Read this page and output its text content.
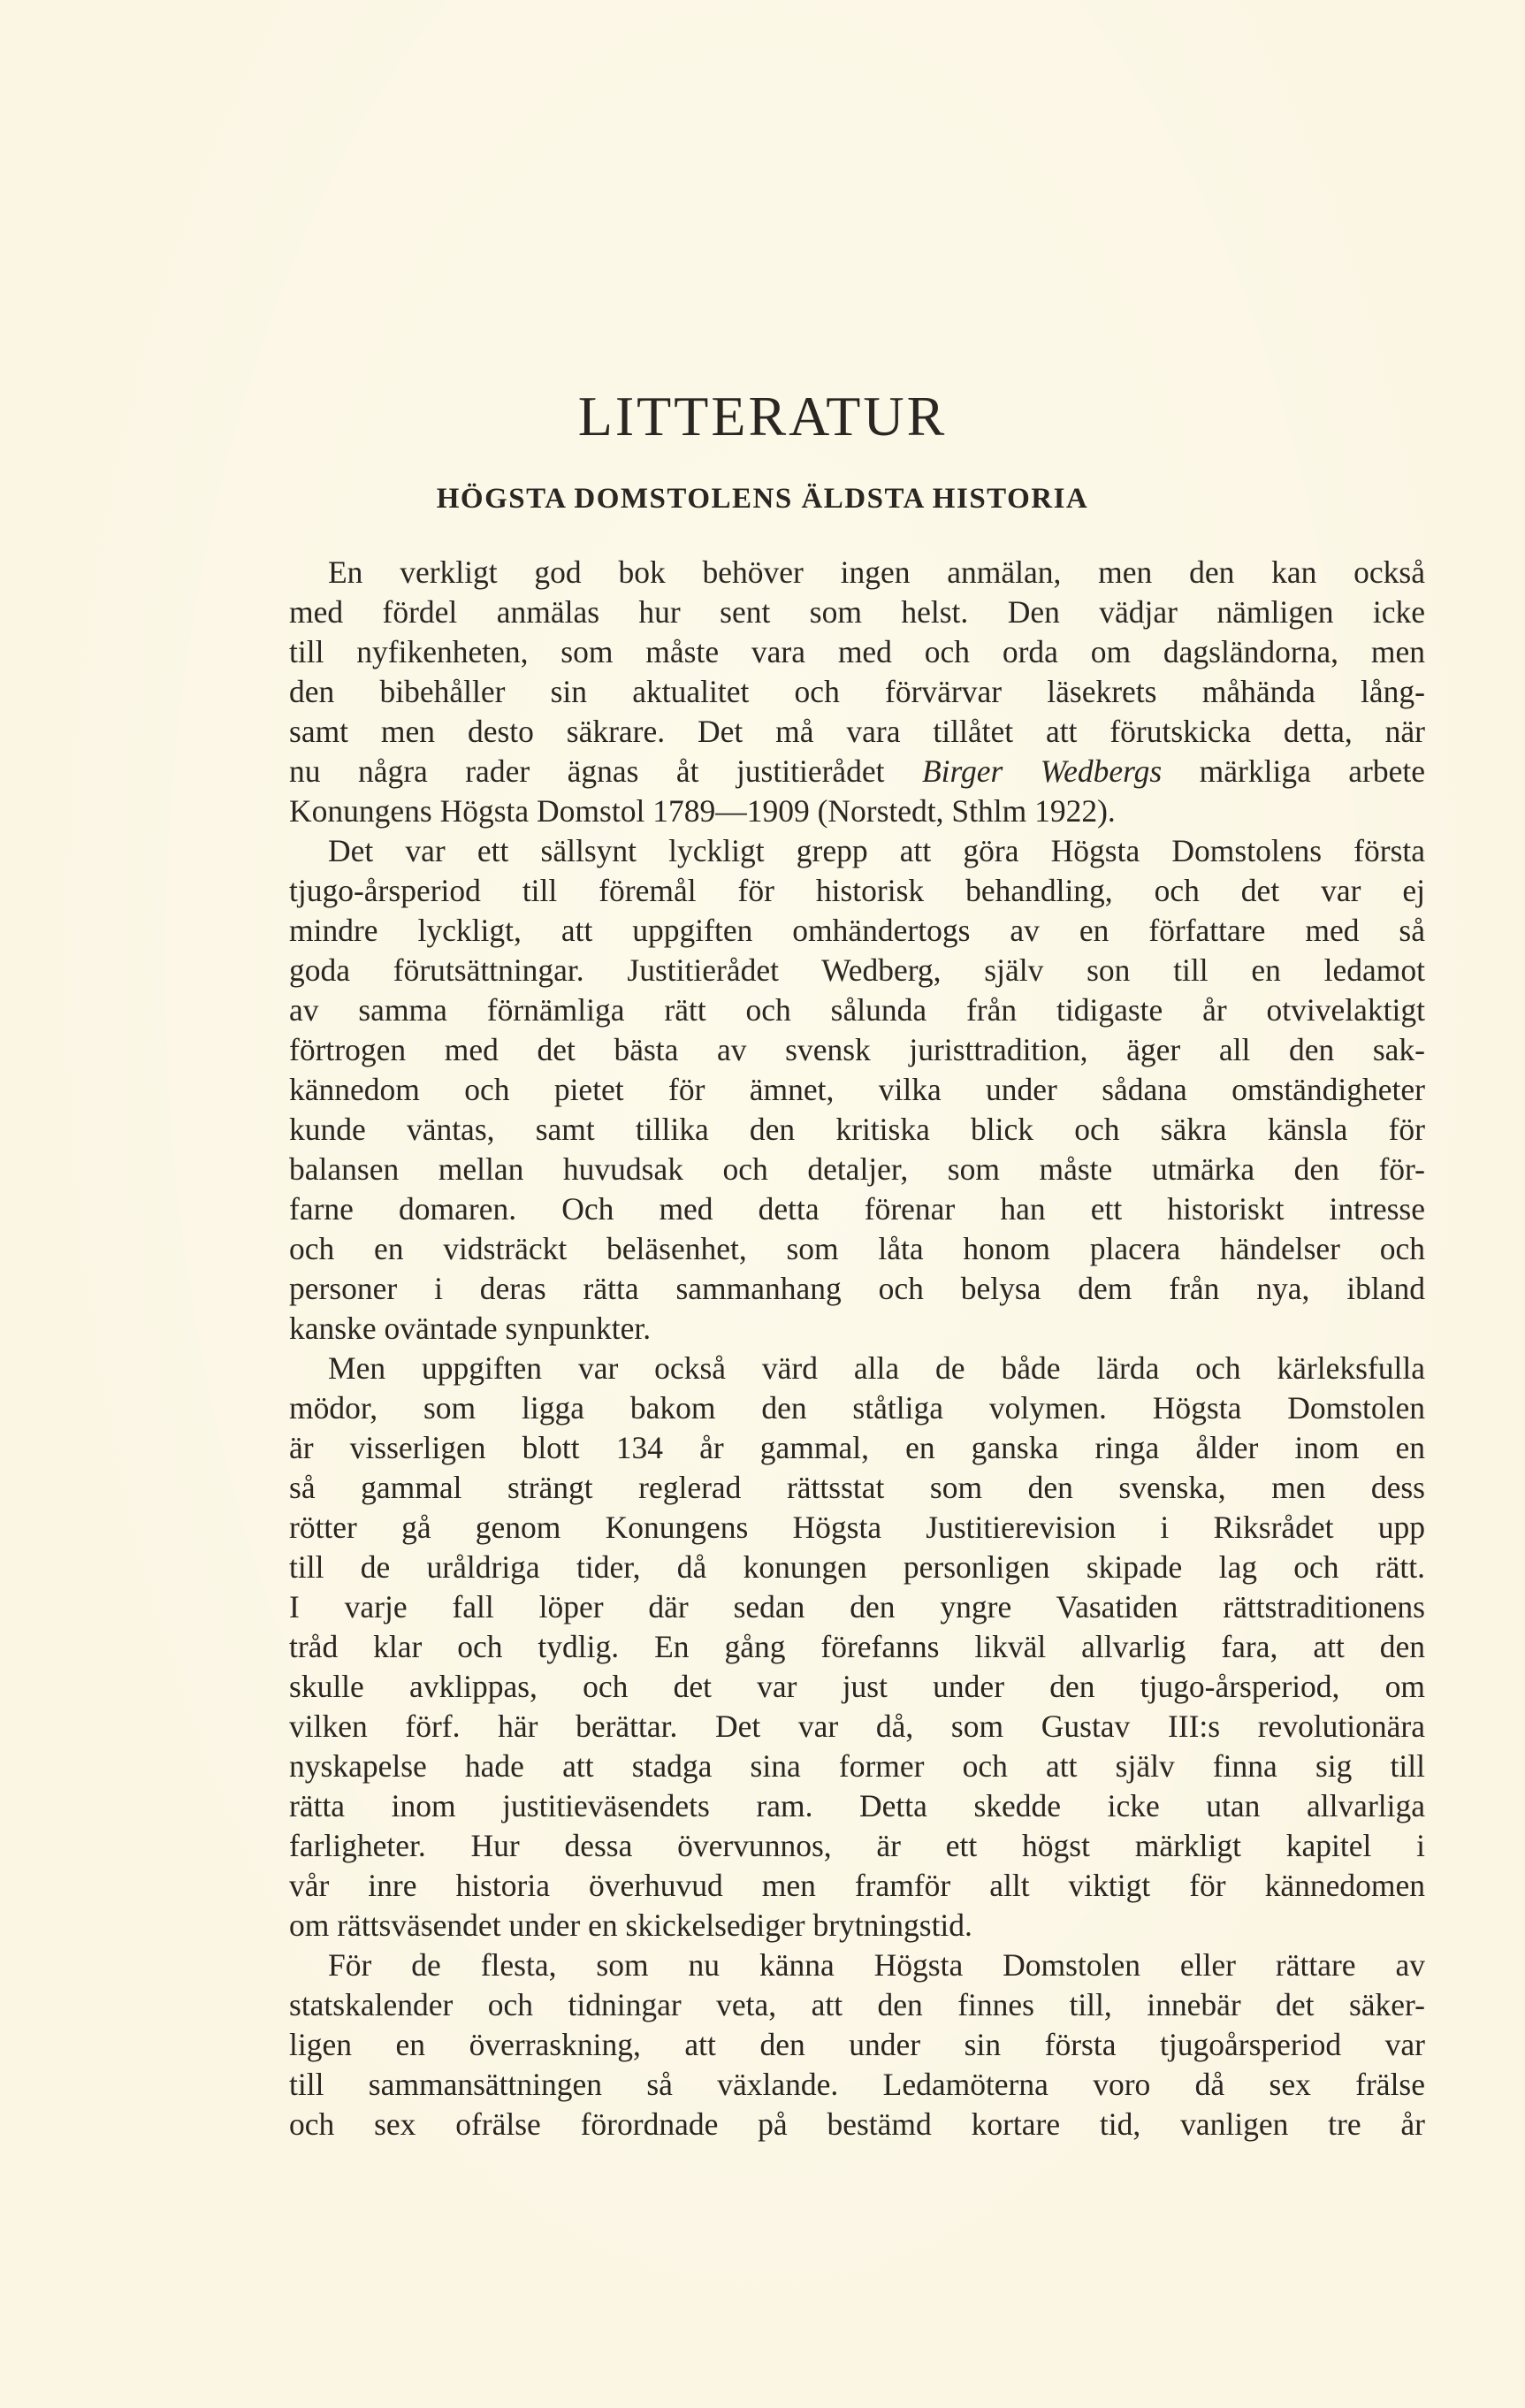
LITTERATUR
HÖGSTA DOMSTOLENS ÄLDSTA HISTORIA
En verkligt god bok behöver ingen anmälan, men den kan också
med fördel anmälas hur sent som helst. Den vädjar nämligen icke
till nyfikenheten, som måste vara med och orda om dagsländorna, men
den bibehåller sin aktualitet och förvärvar läsekrets måhända lång-
samt men desto säkrare. Det må vara tillåtet att förutskicka detta, när
nu några rader ägnas åt justitierådet Birger Wedbergs märkliga arbete
Konungens Högsta Domstol 1789—1909 (Norstedt, Sthlm 1922).
Det var ett sällsynt lyckligt grepp att göra Högsta Domstolens första
tjugo-årsperiod till föremål för historisk behandling, och det var ej
mindre lyckligt, att uppgiften omhändertogs av en författare med så
goda förutsättningar. Justitierådet Wedberg, själv son till en ledamot
av samma förnämliga rätt och sålunda från tidigaste år otvivelaktigt
förtrogen med det bästa av svensk juristtradition, äger all den sak-
kännedom och pietet för ämnet, vilka under sådana omständigheter
kunde väntas, samt tillika den kritiska blick och säkra känsla för
balansen mellan huvudsak och detaljer, som måste utmärka den för-
farne domaren. Och med detta förenar han ett historiskt intresse
och en vidsträckt beläsenhet, som låta honom placera händelser och
personer i deras rätta sammanhang och belysa dem från nya, ibland
kanske oväntade synpunkter.
Men uppgiften var också värd alla de både lärda och kärleksfulla
mödor, som ligga bakom den ståtliga volymen. Högsta Domstolen
är visserligen blott 134 år gammal, en ganska ringa ålder inom en
så gammal strängt reglerad rättsstat som den svenska, men dess
rötter gå genom Konungens Högsta Justitierevision i Riksrådet upp
till de uråldriga tider, då konungen personligen skipade lag och rätt.
I varje fall löper där sedan den yngre Vasatiden rättstraditionens
tråd klar och tydlig. En gång förefanns likväl allvarlig fara, att den
skulle avklippas, och det var just under den tjugo-årsperiod, om
vilken förf. här berättar. Det var då, som Gustav III:s revolutionära
nyskapelse hade att stadga sina former och att själv finna sig till
rätta inom justitieväsendets ram. Detta skedde icke utan allvarliga
farligheter. Hur dessa övervunnos, är ett högst märkligt kapitel i
vår inre historia överhuvud men framför allt viktigt för kännedomen
om rättsväsendet under en skickelsediger brytningstid.
För de flesta, som nu känna Högsta Domstolen eller rättare av
statskalender och tidningar veta, att den finnes till, innebär det säker-
ligen en överraskning, att den under sin första tjugoårsperiod var
till sammansättningen så växlande. Ledamöterna voro då sex frälse
och sex ofrälse förordnade på bestämd kortare tid, vanligen tre år
